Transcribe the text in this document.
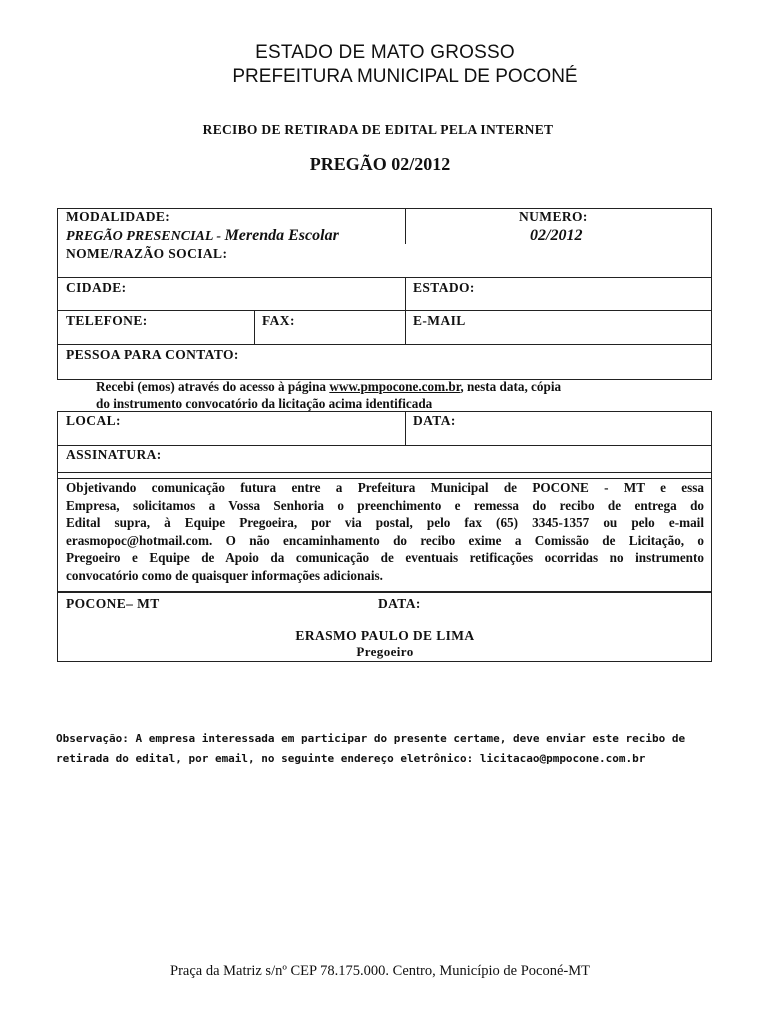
ESTADO DE MATO GROSSO
PREFEITURA MUNICIPAL DE POCONÉ
RECIBO DE RETIRADA DE EDITAL PELA INTERNET
PREGÃO 02/2012
MODALIDADE:
PREGÃO PRESENCIAL - Merenda Escolar
NUMERO:
02/2012
NOME/RAZÃO SOCIAL:
CIDADE:	ESTADO:
TELEFONE:	FAX:	E-MAIL
PESSOA PARA CONTATO:
Recebi (emos) através do acesso à página www.pmpocone.com.br, nesta data, cópia
do instrumento convocatório da licitação acima identificada
LOCAL:	DATA:
ASSINATURA:
Objetivando comunicação futura entre a Prefeitura Municipal de POCONE - MT e essa
Empresa, solicitamos a Vossa Senhoria o preenchimento e remessa do recibo de entrega do
Edital supra, à Equipe Pregoeira, por via postal, pelo fax (65) 3345-1357 ou pelo e-mail
erasmopoc@hotmail.com. O não encaminhamento do recibo exime a Comissão de Licitação, o
Pregoeiro e Equipe de Apoio da comunicação de eventuais retificações ocorridas no instrumento
convocatório como de quaisquer informações adicionais.
POCONE– MT	DATA:
ERASMO PAULO DE LIMA
Pregoeiro
Observação: A empresa interessada em participar do presente certame, deve enviar este recibo de
retirada do edital, por email, no seguinte endereço eletrônico: licitacao@pmpocone.com.br
Praça da Matriz s/nº CEP 78.175.000. Centro, Município de Poconé-MT
